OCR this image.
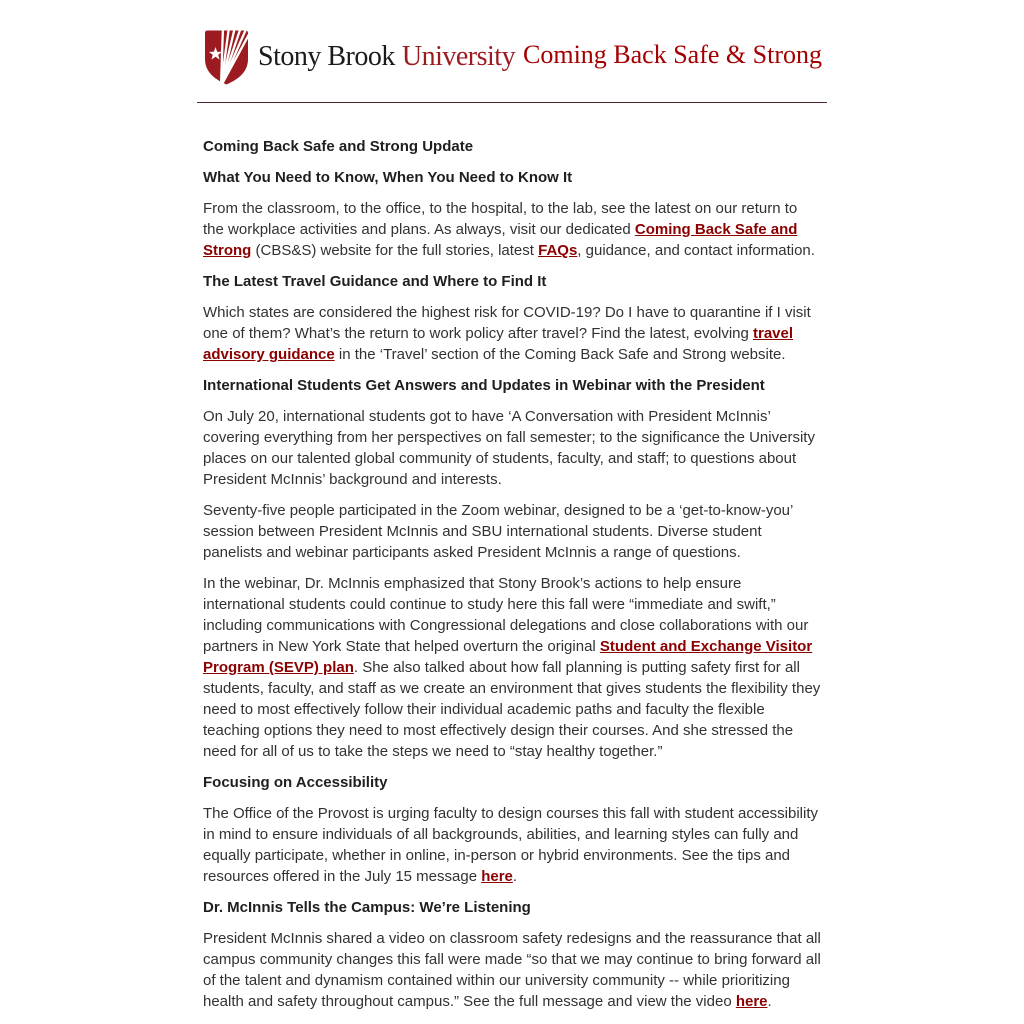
Stony Brook University Coming Back Safe & Strong
Coming Back Safe and Strong Update
What You Need to Know, When You Need to Know It

From the classroom, to the office, to the hospital, to the lab, see the latest on our return to the workplace activities and plans. As always, visit our dedicated Coming Back Safe and Strong (CBS&S) website for the full stories, latest FAQs, guidance, and contact information.

The Latest Travel Guidance and Where to Find It

Which states are considered the highest risk for COVID-19? Do I have to quarantine if I visit one of them? What’s the return to work policy after travel? Find the latest, evolving travel advisory guidance in the ‘Travel’ section of the Coming Back Safe and Strong website.

International Students Get Answers and Updates in Webinar with the President

On July 20, international students got to have ‘A Conversation with President McInnis’ covering everything from her perspectives on fall semester; to the significance the University places on our talented global community of students, faculty, and staff; to questions about President McInnis’ background and interests.

Seventy-five people participated in the Zoom webinar, designed to be a ‘get-to-know-you’ session between President McInnis and SBU international students. Diverse student panelists and webinar participants asked President McInnis a range of questions.

In the webinar, Dr. McInnis emphasized that Stony Brook’s actions to help ensure international students could continue to study here this fall were “immediate and swift,” including communications with Congressional delegations and close collaborations with our partners in New York State that helped overturn the original Student and Exchange Visitor Program (SEVP) plan. She also talked about how fall planning is putting safety first for all students, faculty, and staff as we create an environment that gives students the flexibility they need to most effectively follow their individual academic paths and faculty the flexible teaching options they need to most effectively design their courses. And she stressed the need for all of us to take the steps we need to “stay healthy together.”

Focusing on Accessibility

The Office of the Provost is urging faculty to design courses this fall with student accessibility in mind to ensure individuals of all backgrounds, abilities, and learning styles can fully and equally participate, whether in online, in-person or hybrid environments. See the tips and resources offered in the July 15 message here.

Dr. McInnis Tells the Campus: We’re Listening

President McInnis shared a video on classroom safety redesigns and the reassurance that all campus community changes this fall were made “so that we may continue to bring forward all of the talent and dynamism contained within our university community -- while prioritizing health and safety throughout campus.” See the full message and view the video here.
